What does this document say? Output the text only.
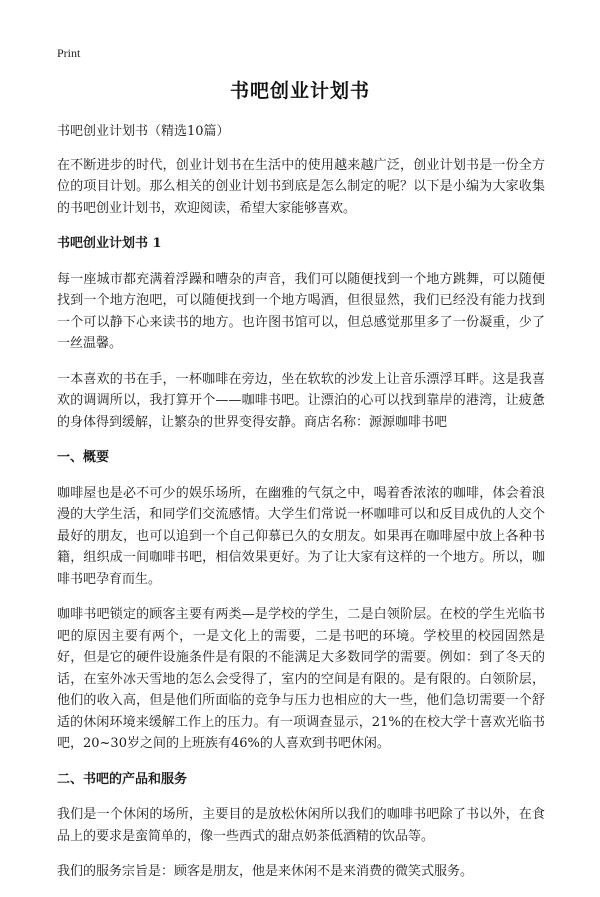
Print
书吧创业计划书

书吧创业计划书（精选10篇）

在不断进步的时代，创业计划书在生活中的使用越来越广泛，创业计划书是一份全方位的项目计划。那么相关的创业计划书到底是怎么制定的呢？以下是小编为大家收集的书吧创业计划书，欢迎阅读，希望大家能够喜欢。

书吧创业计划书 1

每一座城市都充满着浮躁和嘈杂的声音，我们可以随便找到一个地方跳舞，可以随便找到一个地方泡吧，可以随便找到一个地方喝酒，但很显然，我们已经没有能力找到一个可以静下心来读书的地方。也许图书馆可以，但总感觉那里多了一份凝重，少了一丝温馨。

一本喜欢的书在手，一杯咖啡在旁边，坐在软软的沙发上让音乐漂浮耳畔。这是我喜欢的调调所以，我打算开个——咖啡书吧。让漂泊的心可以找到靠岸的港湾，让疲惫的身体得到缓解，让繁杂的世界变得安静。商店名称：源源咖啡书吧

一、概要

咖啡屋也是必不可少的娱乐场所，在幽雅的气氛之中，喝着香浓浓的咖啡，体会着浪漫的大学生活，和同学们交流感情。大学生们常说一杯咖啡可以和反目成仇的人交个最好的朋友，也可以追到一个自己仰慕已久的女朋友。如果再在咖啡屋中放上各种书籍，组织成一间咖啡书吧，相信效果更好。为了让大家有这样的一个地方。所以，咖啡书吧孕育而生。

咖啡书吧锁定的顾客主要有两类—是学校的学生，二是白领阶层。在校的学生光临书吧的原因主要有两个，一是文化上的需要，二是书吧的环境。学校里的校园固然是好，但是它的硬件设施条件是有限的不能满足大多数同学的需要。例如：到了冬天的话，在室外冰天雪地的怎么会受得了，室内的空间是有限的。是有限的。白领阶层，他们的收入高，但是他们所面临的竞争与压力也相应的大一些，他们急切需要一个舒适的休闲环境来缓解工作上的压力。有一项调查显示，21%的在校大学十喜欢光临书吧，20~30岁之间的上班族有46%的人喜欢到书吧休闲。

二、书吧的产品和服务

我们是一个休闲的场所，主要目的是放松休闲所以我们的咖啡书吧除了书以外，在食品上的要求是蛮简单的，像一些西式的甜点奶茶低酒精的饮品等。

我们的服务宗旨是：顾客是朋友，他是来休闲不是来消费的微笑式服务。
